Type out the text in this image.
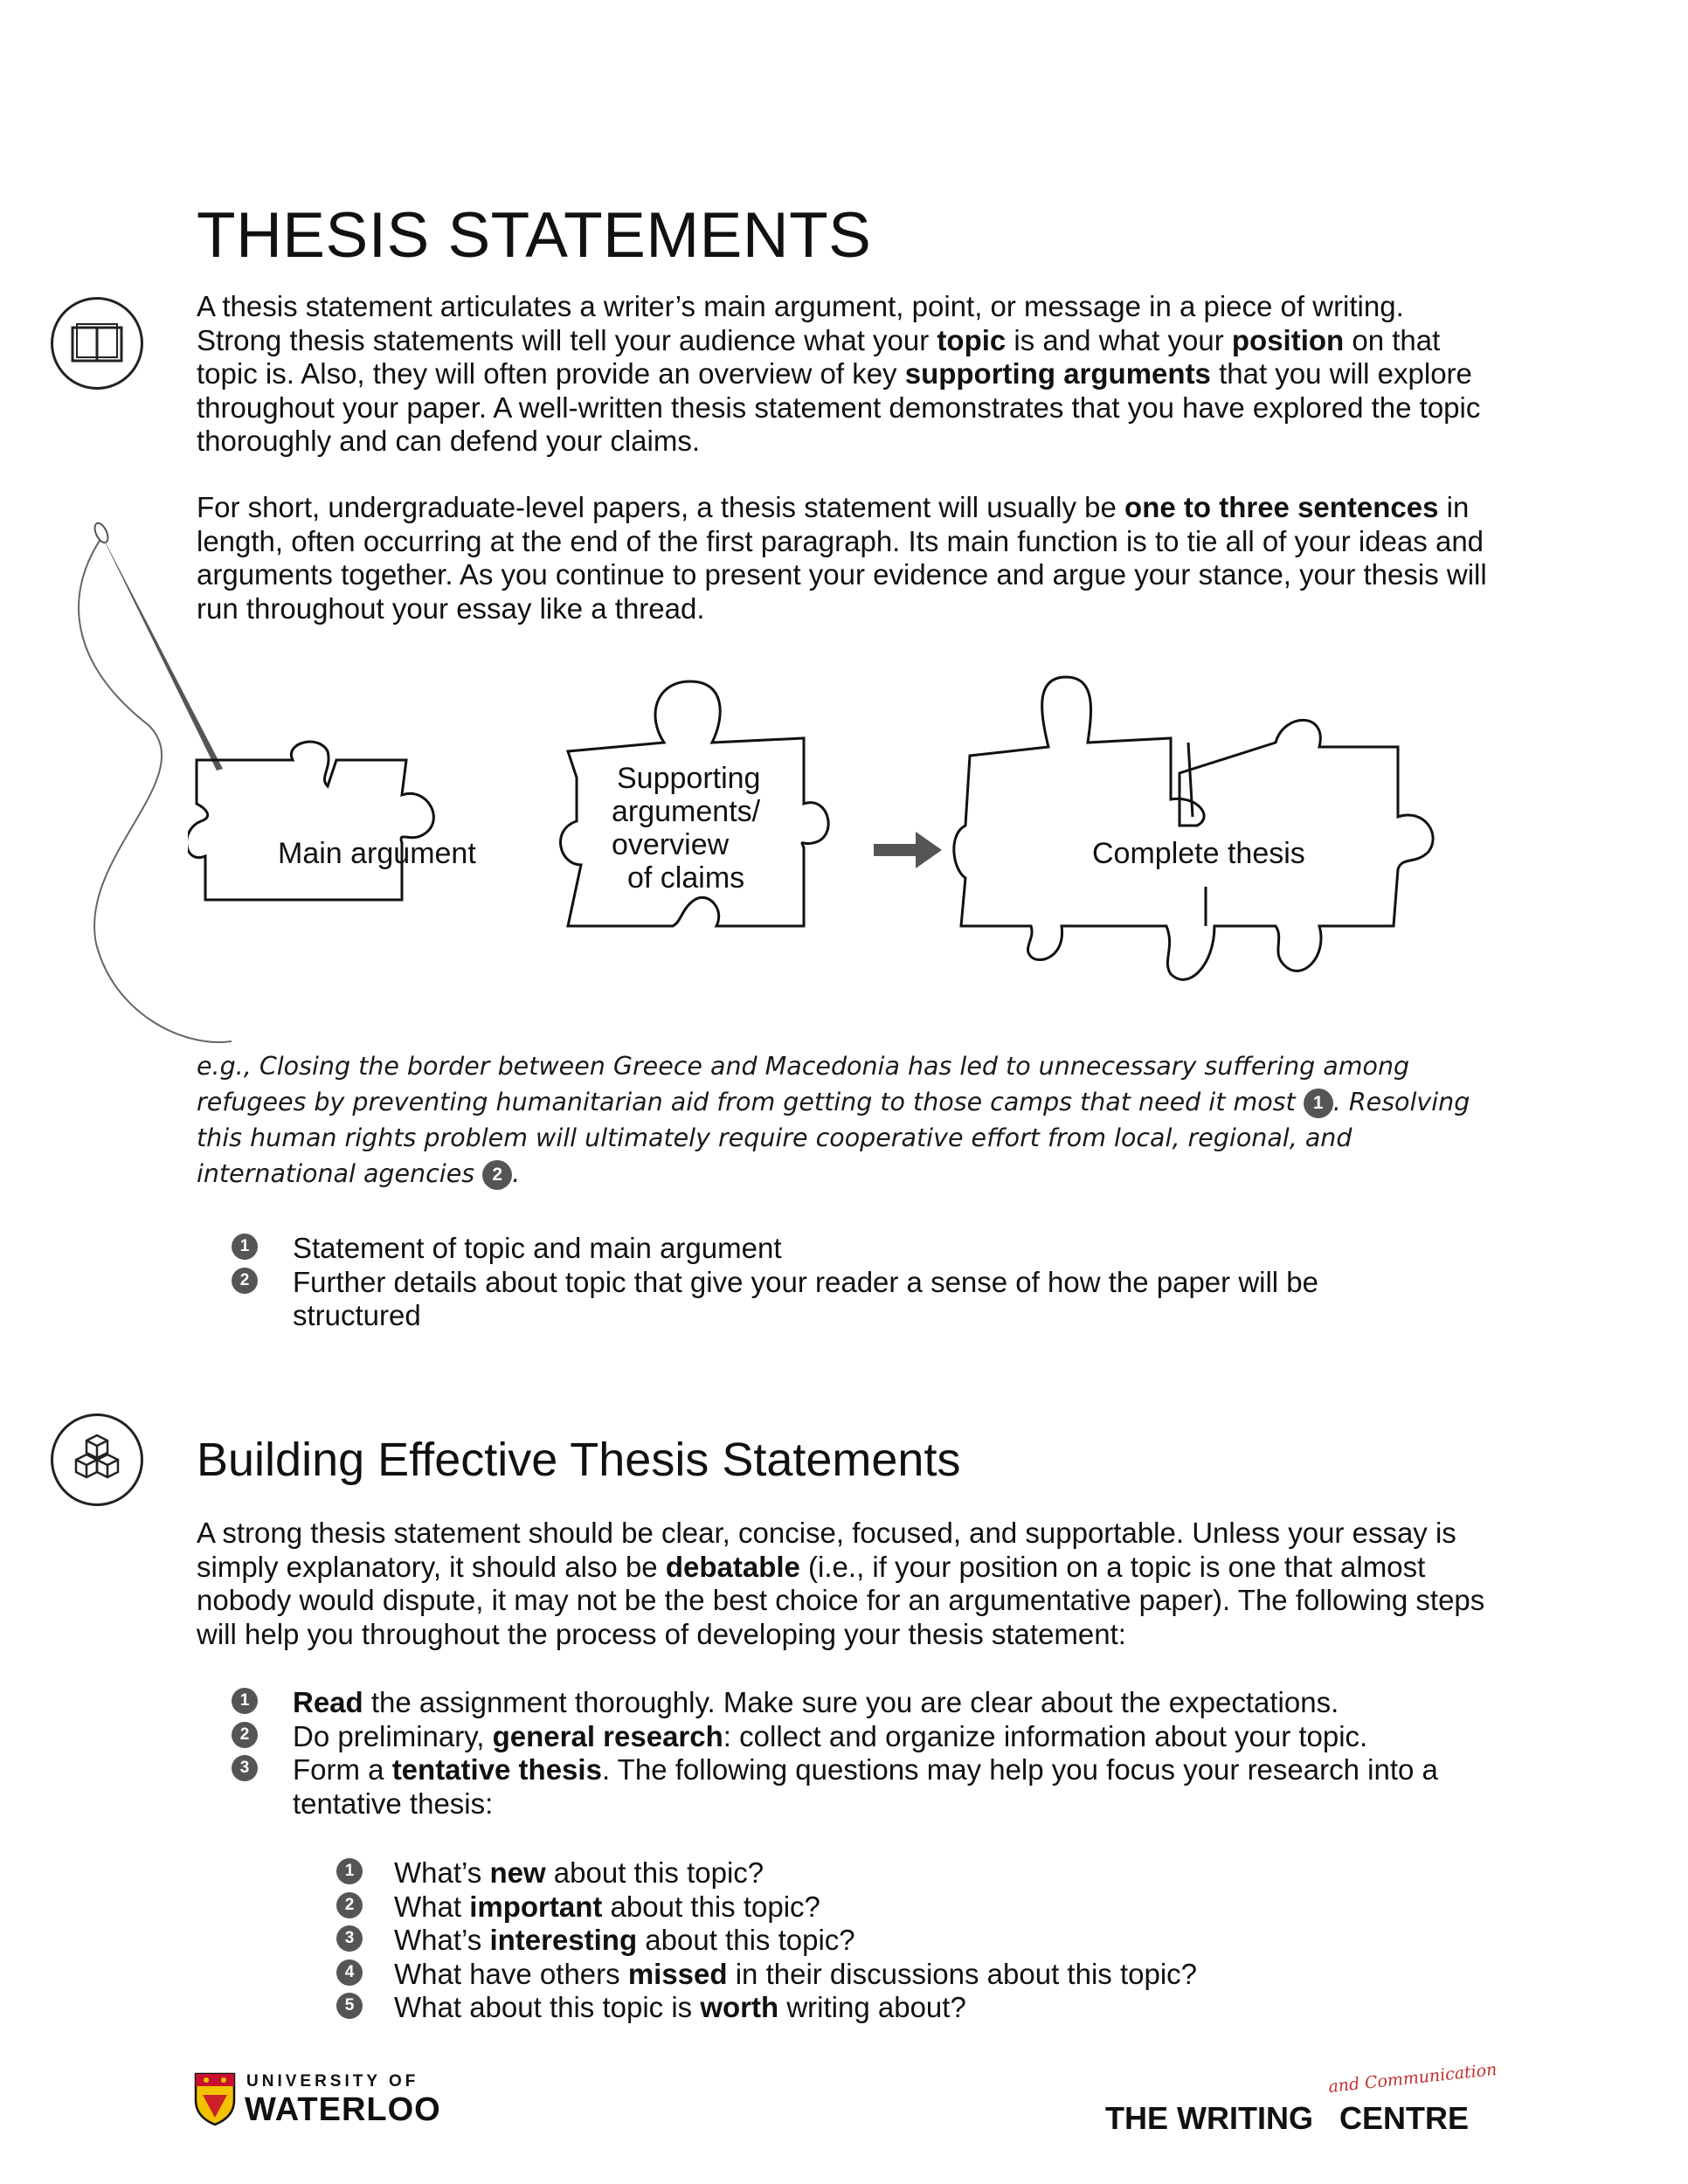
THESIS STATEMENTS

A thesis statement articulates a writer’s main argument, point, or message in a piece of writing. Strong thesis statements will tell your audience what your topic is and what your position on that topic is. Also, they will often provide an overview of key supporting arguments that you will explore throughout your paper. A well-written thesis statement demonstrates that you have explored the topic thoroughly and can defend your claims.

For short, undergraduate-level papers, a thesis statement will usually be one to three sentences in length, often occurring at the end of the first paragraph. Its main function is to tie all of your ideas and arguments together. As you continue to present your evidence and argue your stance, your thesis will run throughout your essay like a thread.

Main argument
Supporting
arguments/
overview
of claims
Complete thesis

e.g., Closing the border between Greece and Macedonia has led to unnecessary suffering among refugees by preventing humanitarian aid from getting to those camps that need it most 1 . Resolving this human rights problem will ultimately require cooperative effort from local, regional, and international agencies 2 .

1 Statement of topic and main argument
2 Further details about topic that give your reader a sense of how the paper will be structured
Building Effective Thesis Statements

A strong thesis statement should be clear, concise, focused, and supportable. Unless your essay is simply explanatory, it should also be debatable (i.e., if your position on a topic is one that almost nobody would dispute, it may not be the best choice for an argumentative paper). The following steps will help you throughout the process of developing your thesis statement:

1 Read the assignment thoroughly. Make sure you are clear about the expectations.
2 Do preliminary, general research: collect and organize information about your topic.
3 Form a tentative thesis. The following questions may help you focus your research into a tentative thesis:
1 What’s new about this topic?
2 What important about this topic?
3 What’s interesting about this topic?
4 What have others missed in their discussions about this topic?
5 What about this topic is worth writing about?
UNIVERSITY OF
WATERLOO	THE WRITING CENTRE
and Communication
